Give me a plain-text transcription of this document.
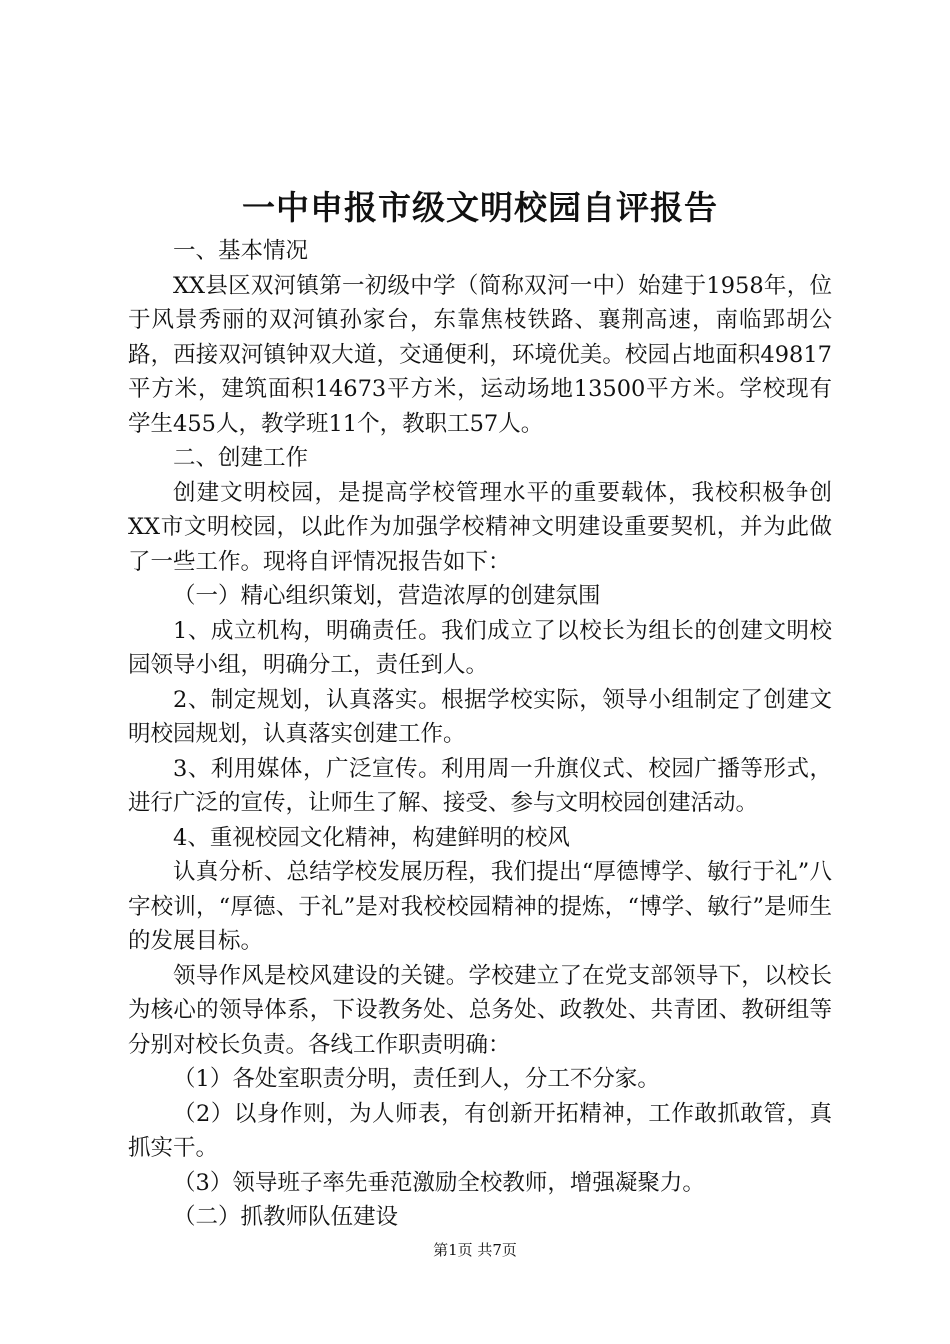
一中申报市级文明校园自评报告

一、基本情况

XX县区双河镇第一初级中学（简称双河一中）始建于1958年，位于风景秀丽的双河镇孙家台，东靠焦枝铁路、襄荆高速，南临郢胡公路，西接双河镇钟双大道，交通便利，环境优美。校园占地面积49817平方米，建筑面积14673平方米，运动场地13500平方米。学校现有学生455人，教学班11个，教职工57人。

二、创建工作

创建文明校园，是提高学校管理水平的重要载体，我校积极争创XX市文明校园，以此作为加强学校精神文明建设重要契机，并为此做了一些工作。现将自评情况报告如下：

（一）精心组织策划，营造浓厚的创建氛围

1、成立机构，明确责任。我们成立了以校长为组长的创建文明校园领导小组，明确分工，责任到人。

2、制定规划，认真落实。根据学校实际，领导小组制定了创建文明校园规划，认真落实创建工作。

3、利用媒体，广泛宣传。利用周一升旗仪式、校园广播等形式，进行广泛的宣传，让师生了解、接受、参与文明校园创建活动。

4、重视校园文化精神，构建鲜明的校风

认真分析、总结学校发展历程，我们提出“厚德博学、敏行于礼”八字校训，“厚德、于礼”是对我校校园精神的提炼，“博学、敏行”是师生的发展目标。

领导作风是校风建设的关键。学校建立了在党支部领导下，以校长为核心的领导体系，下设教务处、总务处、政教处、共青团、教研组等分别对校长负责。各线工作职责明确：

（1）各处室职责分明，责任到人，分工不分家。

（2）以身作则，为人师表，有创新开拓精神，工作敢抓敢管，真抓实干。

（3）领导班子率先垂范激励全校教师，增强凝聚力。

（二）抓教师队伍建设

第1页 共7页
